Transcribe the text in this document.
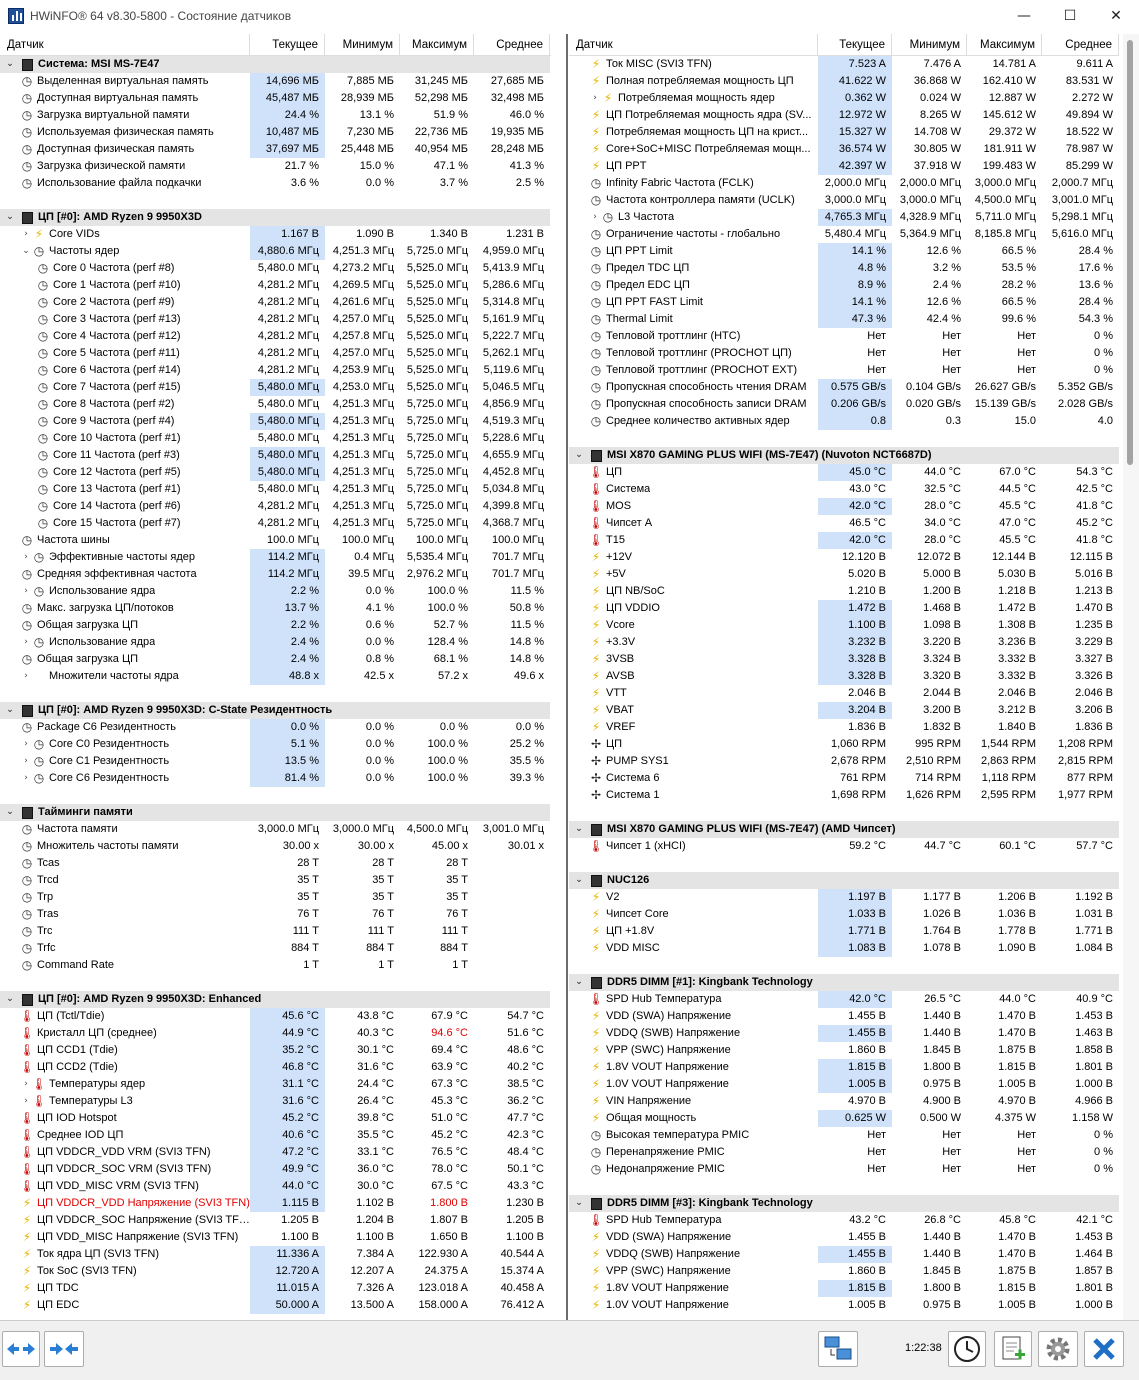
HWiNFO® 64 v8.30-5800 - Состояние датчиков	— ☐ ✕
Датчик	Текущее	Минимум	Максимум	Среднее
⌄ Система: MSI MS-7E47
◷ Выделенная виртуальная память	14,696 МБ	7,885 МБ	31,245 МБ	27,685 МБ
◷ Доступная виртуальная память	45,487 МБ	28,939 МБ	52,298 МБ	32,498 МБ
◷ Загрузка виртуальной памяти	24.4 %	13.1 %	51.9 %	46.0 %
◷ Используемая физическая память	10,487 МБ	7,230 МБ	22,736 МБ	19,935 МБ
◷ Доступная физическая память	37,697 МБ	25,448 МБ	40,954 МБ	28,248 МБ
◷ Загрузка физической памяти	21.7 %	15.0 %	47.1 %	41.3 %
◷ Использование файла подкачки	3.6 %	0.0 %	3.7 %	2.5 %
⌄ ЦП [#0]: AMD Ryzen 9 9950X3D
› ⚡ Core VIDs	1.167 В	1.090 В	1.340 В	1.231 В
⌄ ◷ Частоты ядер	4,880.6 МГц	4,251.3 МГц	5,725.0 МГц	4,959.0 МГц
◷ Core 0 Частота (perf #8)	5,480.0 МГц	4,273.2 МГц	5,525.0 МГц	5,413.9 МГц
◷ Core 1 Частота (perf #10)	4,281.2 МГц	4,269.5 МГц	5,525.0 МГц	5,286.6 МГц
◷ Core 2 Частота (perf #9)	4,281.2 МГц	4,261.6 МГц	5,525.0 МГц	5,314.8 МГц
◷ Core 3 Частота (perf #13)	4,281.2 МГц	4,257.0 МГц	5,525.0 МГц	5,161.9 МГц
◷ Core 4 Частота (perf #12)	4,281.2 МГц	4,257.8 МГц	5,525.0 МГц	5,222.7 МГц
◷ Core 5 Частота (perf #11)	4,281.2 МГц	4,257.0 МГц	5,525.0 МГц	5,262.1 МГц
◷ Core 6 Частота (perf #14)	4,281.2 МГц	4,253.9 МГц	5,525.0 МГц	5,119.6 МГц
◷ Core 7 Частота (perf #15)	5,480.0 МГц	4,253.0 МГц	5,525.0 МГц	5,046.5 МГц
◷ Core 8 Частота (perf #2)	5,480.0 МГц	4,251.3 МГц	5,725.0 МГц	4,856.9 МГц
◷ Core 9 Частота (perf #4)	5,480.0 МГц	4,251.3 МГц	5,725.0 МГц	4,519.3 МГц
◷ Core 10 Частота (perf #1)	5,480.0 МГц	4,251.3 МГц	5,725.0 МГц	5,228.6 МГц
◷ Core 11 Частота (perf #3)	5,480.0 МГц	4,251.3 МГц	5,725.0 МГц	4,655.9 МГц
◷ Core 12 Частота (perf #5)	5,480.0 МГц	4,251.3 МГц	5,725.0 МГц	4,452.8 МГц
◷ Core 13 Частота (perf #1)	5,480.0 МГц	4,251.3 МГц	5,725.0 МГц	5,034.8 МГц
◷ Core 14 Частота (perf #6)	4,281.2 МГц	4,251.3 МГц	5,725.0 МГц	4,399.8 МГц
◷ Core 15 Частота (perf #7)	4,281.2 МГц	4,251.3 МГц	5,725.0 МГц	4,368.7 МГц
◷ Частота шины	100.0 МГц	100.0 МГц	100.0 МГц	100.0 МГц
› ◷ Эффективные частоты ядер	114.2 МГц	0.4 МГц	5,535.4 МГц	701.7 МГц
◷ Средняя эффективная частота	114.2 МГц	39.5 МГц	2,976.2 МГц	701.7 МГц
› ◷ Использование ядра	2.2 %	0.0 %	100.0 %	11.5 %
◷ Макс. загрузка ЦП/потоков	13.7 %	4.1 %	100.0 %	50.8 %
◷ Общая загрузка ЦП	2.2 %	0.6 %	52.7 %	11.5 %
› ◷ Использование ядра	2.4 %	0.0 %	128.4 %	14.8 %
◷ Общая загрузка ЦП	2.4 %	0.8 %	68.1 %	14.8 %
›	Множители частоты ядра	48.8 x	42.5 x	57.2 x	49.6 x
⌄ ЦП [#0]: AMD Ryzen 9 9950X3D: C-State Резидентность
◷ Package C6 Резидентность	0.0 %	0.0 %	0.0 %	0.0 %
› ◷ Core C0 Резидентность	5.1 %	0.0 %	100.0 %	25.2 %
› ◷ Core C1 Резидентность	13.5 %	0.0 %	100.0 %	35.5 %
› ◷ Core C6 Резидентность	81.4 %	0.0 %	100.0 %	39.3 %
⌄ Тайминги памяти
◷ Частота памяти	3,000.0 МГц	3,000.0 МГц	4,500.0 МГц	3,001.0 МГц
◷ Множитель частоты памяти	30.00 x	30.00 x	45.00 x	30.01 x
◷ Tcas	28 T	28 T	28 T
◷ Trcd	35 T	35 T	35 T
◷ Trp	35 T	35 T	35 T
◷ Tras	76 T	76 T	76 T
◷ Trc	111 T	111 T	111 T
◷ Trfc	884 T	884 T	884 T
◷ Command Rate	1 T	1 T	1 T
⌄ ЦП [#0]: AMD Ryzen 9 9950X3D: Enhanced
🌡 ЦП (Tctl/Tdie)	45.6 °C	43.8 °C	67.9 °C	54.7 °C
🌡 Кристалл ЦП (среднее)	44.9 °C	40.3 °C	94.6 °C	51.6 °C
🌡 ЦП CCD1 (Tdie)	35.2 °C	30.1 °C	69.4 °C	48.6 °C
🌡 ЦП CCD2 (Tdie)	46.8 °C	31.6 °C	63.9 °C	40.2 °C
› 🌡 Температуры ядер	31.1 °C	24.4 °C	67.3 °C	38.5 °C
› 🌡 Температуры L3	31.6 °C	26.4 °C	45.3 °C	36.2 °C
🌡 ЦП IOD Hotspot	45.2 °C	39.8 °C	51.0 °C	47.7 °C
🌡 Среднее IOD ЦП	40.6 °C	35.5 °C	45.2 °C	42.3 °C
🌡 ЦП VDDCR_VDD VRM (SVI3 TFN)	47.2 °C	33.1 °C	76.5 °C	48.4 °C
🌡 ЦП VDDCR_SOC VRM (SVI3 TFN)	49.9 °C	36.0 °C	78.0 °C	50.1 °C
🌡 ЦП VDD_MISC VRM (SVI3 TFN)	44.0 °C	30.0 °C	67.5 °C	43.3 °C
⚡ ЦП VDDCR_VDD Напряжение (SVI3 TFN)	1.115 В	1.102 В	1.800 В	1.230 В
⚡ ЦП VDDCR_SOC Напряжение (SVI3 TFN)	1.205 В	1.204 В	1.807 В	1.205 В
⚡ ЦП VDD_MISC Напряжение (SVI3 TFN)	1.100 В	1.100 В	1.650 В	1.100 В
⚡ Ток ядра ЦП (SVI3 TFN)	11.336 A	7.384 A	122.930 A	40.544 A
⚡ Ток SoC (SVI3 TFN)	12.720 A	12.207 A	24.375 A	15.374 A
⚡ ЦП TDC	11.015 A	7.326 A	123.018 A	40.458 A
⚡ ЦП EDC	50.000 A	13.500 A	158.000 A	76.412 A
Датчик	Текущее	Минимум	Максимум	Среднее
⚡ Ток MISC (SVI3 TFN)	7.523 A	7.476 A	14.781 A	9.611 A
⚡ Полная потребляемая мощность ЦП	41.622 W	36.868 W	162.410 W	83.531 W
› ⚡ Потребляемая мощность ядер	0.362 W	0.024 W	12.887 W	2.272 W
⚡ ЦП Потребляемая мощность ядра (SV...	12.972 W	8.265 W	145.612 W	49.894 W
⚡ Потребляемая мощность ЦП на крист...	15.327 W	14.708 W	29.372 W	18.522 W
⚡ Core+SoC+MISC Потребляемая мощн...	36.574 W	30.805 W	181.911 W	78.987 W
⚡ ЦП PPT	42.397 W	37.918 W	199.483 W	85.299 W
◷ Infinity Fabric Частота (FCLK)	2,000.0 МГц	2,000.0 МГц	3,000.0 МГц	2,000.7 МГц
◷ Частота контроллера памяти (UCLK)	3,000.0 МГц	3,000.0 МГц	4,500.0 МГц	3,001.0 МГц
› ◷ L3 Частота	4,765.3 МГц	4,328.9 МГц	5,711.0 МГц	5,298.1 МГц
◷ Ограничение частоты - глобально	5,480.4 МГц	5,364.9 МГц	8,185.8 МГц	5,616.0 МГц
◷ ЦП PPT Limit	14.1 %	12.6 %	66.5 %	28.4 %
◷ Предел TDC ЦП	4.8 %	3.2 %	53.5 %	17.6 %
◷ Предел EDC ЦП	8.9 %	2.4 %	28.2 %	13.6 %
◷ ЦП PPT FAST Limit	14.1 %	12.6 %	66.5 %	28.4 %
◷ Thermal Limit	47.3 %	42.4 %	99.6 %	54.3 %
◷ Тепловой троттлинг (HTC)	Нет	Нет	Нет	0 %
◷ Тепловой троттлинг (PROCHOT ЦП)	Нет	Нет	Нет	0 %
◷ Тепловой троттлинг (PROCHOT EXT)	Нет	Нет	Нет	0 %
◷ Пропускная способность чтения DRAM	0.575 GB/s	0.104 GB/s	26.627 GB/s	5.352 GB/s
◷ Пропускная способность записи DRAM	0.206 GB/s	0.020 GB/s	15.139 GB/s	2.028 GB/s
◷ Среднее количество активных ядер	0.8	0.3	15.0	4.0
⌄ MSI X870 GAMING PLUS WIFI (MS-7E47) (Nuvoton NCT6687D)
🌡 ЦП	45.0 °C	44.0 °C	67.0 °C	54.3 °C
🌡 Система	43.0 °C	32.5 °C	44.5 °C	42.5 °C
🌡 MOS	42.0 °C	28.0 °C	45.5 °C	41.8 °C
🌡 Чипсет A	46.5 °C	34.0 °C	47.0 °C	45.2 °C
🌡 T15	42.0 °C	28.0 °C	45.5 °C	41.8 °C
⚡ +12V	12.120 В	12.072 В	12.144 В	12.115 В
⚡ +5V	5.020 В	5.000 В	5.030 В	5.016 В
⚡ ЦП NB/SoC	1.210 В	1.200 В	1.218 В	1.213 В
⚡ ЦП VDDIO	1.472 В	1.468 В	1.472 В	1.470 В
⚡ Vcore	1.100 В	1.098 В	1.308 В	1.235 В
⚡ +3.3V	3.232 В	3.220 В	3.236 В	3.229 В
⚡ 3VSB	3.328 В	3.324 В	3.332 В	3.327 В
⚡ AVSB	3.328 В	3.320 В	3.332 В	3.326 В
⚡ VTT	2.046 В	2.044 В	2.046 В	2.046 В
⚡ VBAT	3.204 В	3.200 В	3.212 В	3.206 В
⚡ VREF	1.836 В	1.832 В	1.840 В	1.836 В
✢ ЦП	1,060 RPM	995 RPM	1,544 RPM	1,208 RPM
✢ PUMP SYS1	2,678 RPM	2,510 RPM	2,863 RPM	2,815 RPM
✢ Система 6	761 RPM	714 RPM	1,118 RPM	877 RPM
✢ Система 1	1,698 RPM	1,626 RPM	2,595 RPM	1,977 RPM
⌄ MSI X870 GAMING PLUS WIFI (MS-7E47) (AMD Чипсет)
🌡 Чипсет 1 (xHCI)	59.2 °C	44.7 °C	60.1 °C	57.7 °C
⌄ NUC126
⚡ V2	1.197 В	1.177 В	1.206 В	1.192 В
⚡ Чипсет Core	1.033 В	1.026 В	1.036 В	1.031 В
⚡ ЦП +1.8V	1.771 В	1.764 В	1.778 В	1.771 В
⚡ VDD MISC	1.083 В	1.078 В	1.090 В	1.084 В
⌄ DDR5 DIMM [#1]: Kingbank Technology
🌡 SPD Hub Температура	42.0 °C	26.5 °C	44.0 °C	40.9 °C
⚡ VDD (SWA) Напряжение	1.455 В	1.440 В	1.470 В	1.453 В
⚡ VDDQ (SWB) Напряжение	1.455 В	1.440 В	1.470 В	1.463 В
⚡ VPP (SWC) Напряжение	1.860 В	1.845 В	1.875 В	1.858 В
⚡ 1.8V VOUT Напряжение	1.815 В	1.800 В	1.815 В	1.801 В
⚡ 1.0V VOUT Напряжение	1.005 В	0.975 В	1.005 В	1.000 В
⚡ VIN Напряжение	4.970 В	4.900 В	4.970 В	4.966 В
⚡ Общая мощность	0.625 W	0.500 W	4.375 W	1.158 W
◷ Высокая температура PMIC	Нет	Нет	Нет	0 %
◷ Перенапряжение PMIC	Нет	Нет	Нет	0 %
◷ Недонапряжение PMIC	Нет	Нет	Нет	0 %
⌄ DDR5 DIMM [#3]: Kingbank Technology
🌡 SPD Hub Температура	43.2 °C	26.8 °C	45.8 °C	42.1 °C
⚡ VDD (SWA) Напряжение	1.455 В	1.440 В	1.470 В	1.453 В
⚡ VDDQ (SWB) Напряжение	1.455 В	1.440 В	1.470 В	1.464 В
⚡ VPP (SWC) Напряжение	1.860 В	1.845 В	1.875 В	1.857 В
⚡ 1.8V VOUT Напряжение	1.815 В	1.800 В	1.815 В	1.801 В
⚡ 1.0V VOUT Напряжение	1.005 В	0.975 В	1.005 В	1.000 В
1:22:38
